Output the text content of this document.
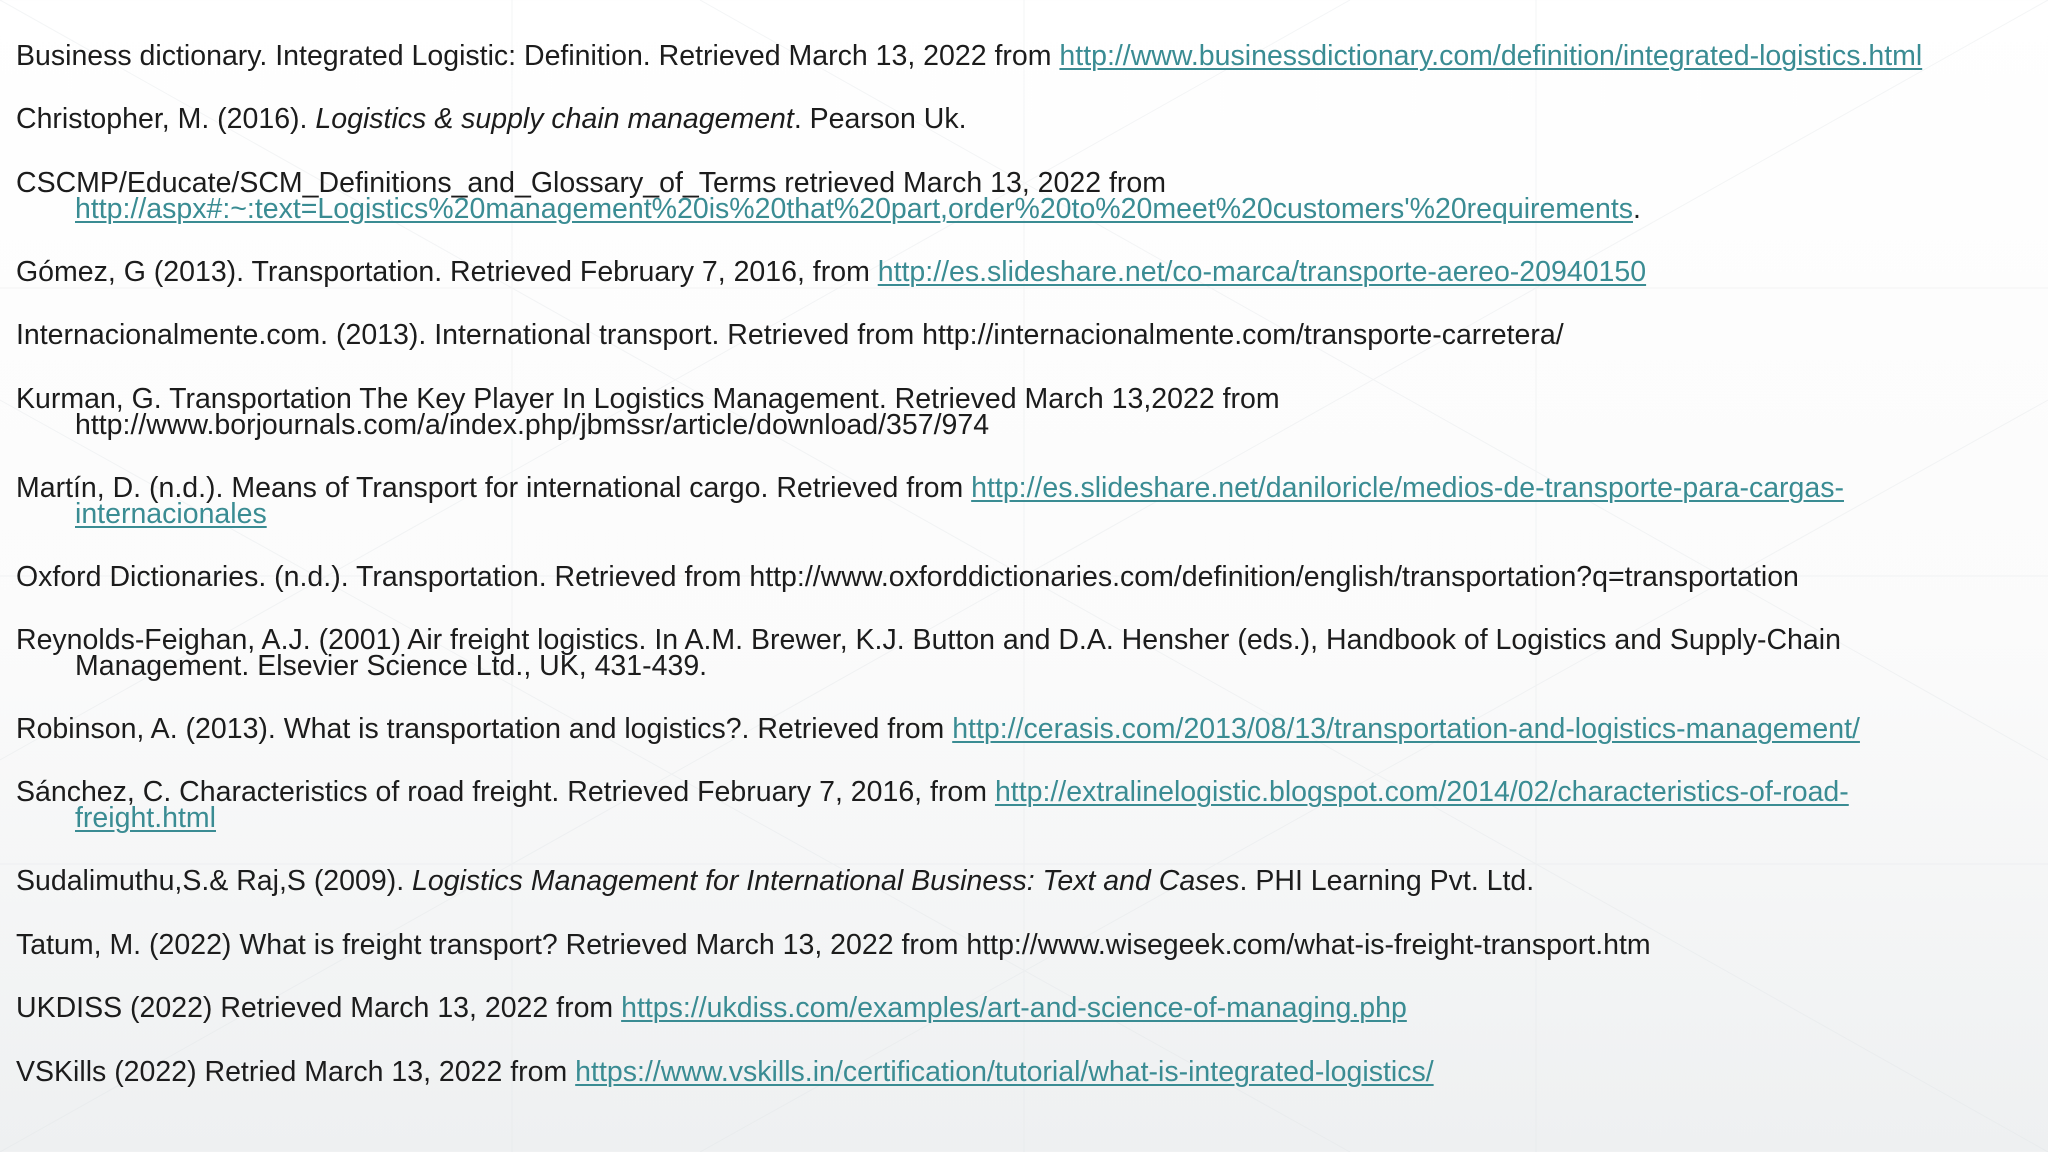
Business dictionary. Integrated Logistic: Definition. Retrieved March 13, 2022 from http://www.businessdictionary.com/definition/integrated-logistics.html
Christopher, M. (2016). Logistics & supply chain management. Pearson Uk.
CSCMP/Educate/SCM_Definitions_and_Glossary_of_Terms retrieved March 13, 2022 from
http://aspx#:~:text=Logistics%20management%20is%20that%20part,order%20to%20meet%20customers'%20requirements.
Gómez, G (2013). Transportation. Retrieved February 7, 2016, from http://es.slideshare.net/co-marca/transporte-aereo-20940150
Internacionalmente.com. (2013). International transport. Retrieved from http://internacionalmente.com/transporte-carretera/
Kurman, G. Transportation The Key Player In Logistics Management. Retrieved March 13,2022 from
http://www.borjournals.com/a/index.php/jbmssr/article/download/357/974
Martín, D. (n.d.). Means of Transport for international cargo. Retrieved from http://es.slideshare.net/daniloricle/medios-de-transporte-para-cargas-
internacionales
Oxford Dictionaries. (n.d.). Transportation. Retrieved from http://www.oxforddictionaries.com/definition/english/transportation?q=transportation
Reynolds-Feighan, A.J. (2001) Air freight logistics. In A.M. Brewer, K.J. Button and D.A. Hensher (eds.), Handbook of Logistics and Supply-Chain
Management. Elsevier Science Ltd., UK, 431-439.
Robinson, A. (2013). What is transportation and logistics?. Retrieved from http://cerasis.com/2013/08/13/transportation-and-logistics-management/
Sánchez, C. Characteristics of road freight. Retrieved February 7, 2016, from http://extralinelogistic.blogspot.com/2014/02/characteristics-of-road-
freight.html
Sudalimuthu,S.& Raj,S (2009). Logistics Management for International Business: Text and Cases. PHI Learning Pvt. Ltd.
Tatum, M. (2022) What is freight transport? Retrieved March 13, 2022 from http://www.wisegeek.com/what-is-freight-transport.htm
UKDISS (2022) Retrieved March 13, 2022 from https://ukdiss.com/examples/art-and-science-of-managing.php
VSKills (2022) Retried March 13, 2022 from https://www.vskills.in/certification/tutorial/what-is-integrated-logistics/
